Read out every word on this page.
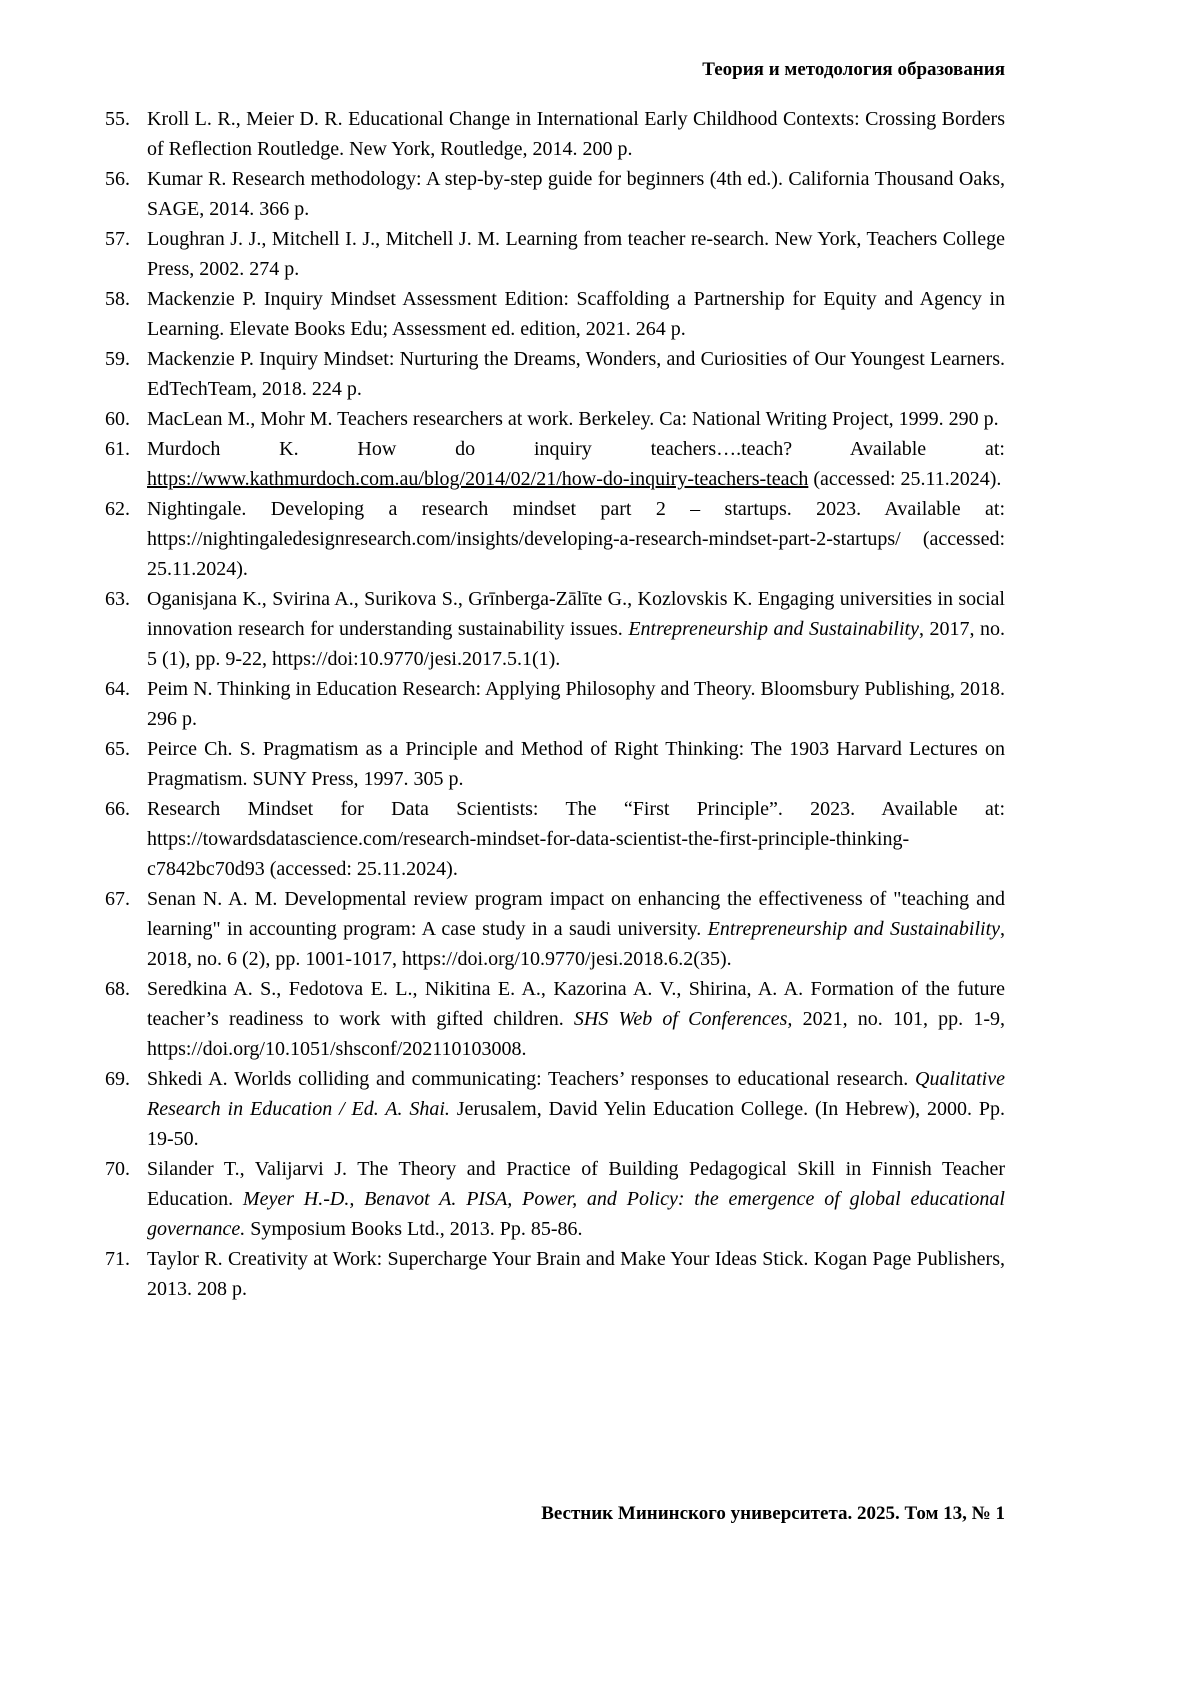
Теория и методология образования
55. Kroll L. R., Meier D. R. Educational Change in International Early Childhood Contexts: Crossing Borders of Reflection Routledge. New York, Routledge, 2014. 200 p.
56. Kumar R. Research methodology: A step-by-step guide for beginners (4th ed.). California Thousand Oaks, SAGE, 2014. 366 p.
57. Loughran J. J., Mitchell I. J., Mitchell J. M. Learning from teacher re-search. New York, Teachers College Press, 2002. 274 p.
58. Mackenzie P. Inquiry Mindset Assessment Edition: Scaffolding a Partnership for Equity and Agency in Learning. Elevate Books Edu; Assessment ed. edition, 2021. 264 p.
59. Mackenzie P. Inquiry Mindset: Nurturing the Dreams, Wonders, and Curiosities of Our Youngest Learners. EdTechTeam, 2018. 224 p.
60. MacLean M., Mohr M. Teachers researchers at work. Berkeley. Ca: National Writing Project, 1999. 290 p.
61. Murdoch K. How do inquiry teachers….teach? Available at: https://www.kathmurdoch.com.au/blog/2014/02/21/how-do-inquiry-teachers-teach (accessed: 25.11.2024).
62. Nightingale. Developing a research mindset part 2 – startups. 2023. Available at: https://nightingaledesignresearch.com/insights/developing-a-research-mindset-part-2-startups/ (accessed: 25.11.2024).
63. Oganisjana K., Svirina A., Surikova S., Grīnberga-Zālīte G., Kozlovskis K. Engaging universities in social innovation research for understanding sustainability issues. Entrepreneurship and Sustainability, 2017, no. 5 (1), pp. 9-22, https://doi:10.9770/jesi.2017.5.1(1).
64. Peim N. Thinking in Education Research: Applying Philosophy and Theory. Bloomsbury Publishing, 2018. 296 p.
65. Peirce Ch. S. Pragmatism as a Principle and Method of Right Thinking: The 1903 Harvard Lectures on Pragmatism. SUNY Press, 1997. 305 p.
66. Research Mindset for Data Scientists: The “First Principle”. 2023. Available at: https://towardsdatascience.com/research-mindset-for-data-scientist-the-first-principle-thinking-c7842bc70d93 (accessed: 25.11.2024).
67. Senan N. A. M. Developmental review program impact on enhancing the effectiveness of "teaching and learning" in accounting program: A case study in a saudi university. Entrepreneurship and Sustainability, 2018, no. 6 (2), pp. 1001-1017, https://doi.org/10.9770/jesi.2018.6.2(35).
68. Seredkina A. S., Fedotova E. L., Nikitina E. A., Kazorina A. V., Shirina, A. A. Formation of the future teacher’s readiness to work with gifted children. SHS Web of Conferences, 2021, no. 101, pp. 1-9, https://doi.org/10.1051/shsconf/202110103008.
69. Shkedi A. Worlds colliding and communicating: Teachers’ responses to educational research. Qualitative Research in Education / Ed. A. Shai. Jerusalem, David Yelin Education College. (In Hebrew), 2000. Pp. 19-50.
70. Silander T., Valijarvi J. The Theory and Practice of Building Pedagogical Skill in Finnish Teacher Education. Meyer H.-D., Benavot A. PISA, Power, and Policy: the emergence of global educational governance. Symposium Books Ltd., 2013. Pp. 85-86.
71. Taylor R. Creativity at Work: Supercharge Your Brain and Make Your Ideas Stick. Kogan Page Publishers, 2013. 208 p.
Вестник Мининского университета. 2025. Том 13, № 1
